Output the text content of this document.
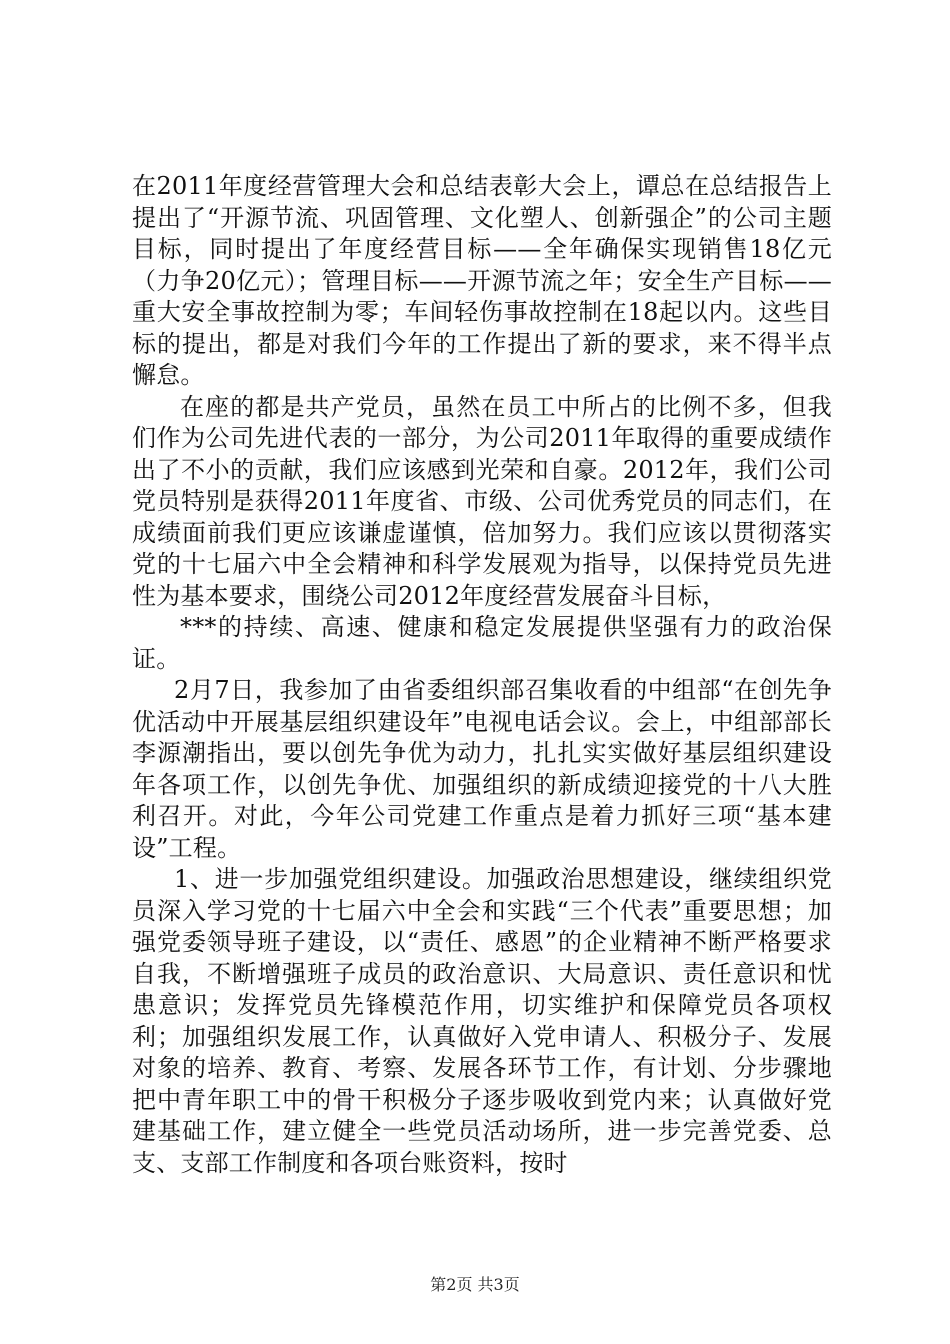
在2011年度经营管理大会和总结表彰大会上，谭总在总结报告上提出了“开源节流、巩固管理、文化塑人、创新强企”的公司主题目标，同时提出了年度经营目标——全年确保实现销售18亿元（力争20亿元）；管理目标——开源节流之年；安全生产目标——重大安全事故控制为零；车间轻伤事故控制在18起以内。这些目标的提出，都是对我们今年的工作提出了新的要求，来不得半点懈怠。

在座的都是共产党员，虽然在员工中所占的比例不多，但我们作为公司先进代表的一部分，为公司2011年取得的重要成绩作出了不小的贡献，我们应该感到光荣和自豪。2012年，我们公司党员特别是获得2011年度省、市级、公司优秀党员的同志们，在成绩面前我们更应该谦虚谨慎，倍加努力。我们应该以贯彻落实党的十七届六中全会精神和科学发展观为指导，以保持党员先进性为基本要求，围绕公司2012年度经营发展奋斗目标，

***的持续、高速、健康和稳定发展提供坚强有力的政治保证。

2月7日，我参加了由省委组织部召集收看的中组部“在创先争优活动中开展基层组织建设年”电视电话会议。会上，中组部部长李源潮指出，要以创先争优为动力，扎扎实实做好基层组织建设年各项工作，以创先争优、加强组织的新成绩迎接党的十八大胜利召开。对此，今年公司党建工作重点是着力抓好三项“基本建设”工程。

1、进一步加强党组织建设。加强政治思想建设，继续组织党员深入学习党的十七届六中全会和实践“三个代表”重要思想；加强党委领导班子建设，以“责任、感恩”的企业精神不断严格要求自我，不断增强班子成员的政治意识、大局意识、责任意识和忧患意识；发挥党员先锋模范作用，切实维护和保障党员各项权利；加强组织发展工作，认真做好入党申请人、积极分子、发展对象的培养、教育、考察、发展各环节工作，有计划、分步骤地把中青年职工中的骨干积极分子逐步吸收到党内来；认真做好党建基础工作，建立健全一些党员活动场所，进一步完善党委、总支、支部工作制度和各项台账资料，按时

第2页 共3页
